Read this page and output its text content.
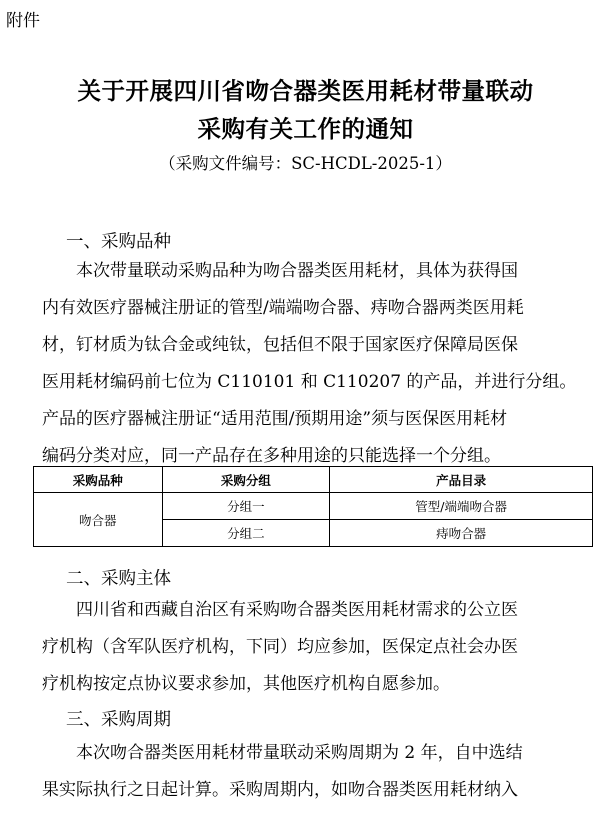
附件
关于开展四川省吻合器类医用耗材带量联动
采购有关工作的通知
（采购文件编号：SC-HCDL-2025-1）
一、采购品种
本次带量联动采购品种为吻合器类医用耗材，具体为获得国
内有效医疗器械注册证的管型/端端吻合器、痔吻合器两类医用耗
材，钉材质为钛合金或纯钛，包括但不限于国家医疗保障局医保
医用耗材编码前七位为 C110101 和 C110207 的产品，并进行分组。
产品的医疗器械注册证“适用范围/预期用途”须与医保医用耗材
编码分类对应，同一产品存在多种用途的只能选择一个分组。
采购品种	采购分组	产品目录
吻合器	分组一	管型/端端吻合器
	分组二	痔吻合器
二、采购主体
四川省和西藏自治区有采购吻合器类医用耗材需求的公立医
疗机构（含军队医疗机构，下同）均应参加，医保定点社会办医
疗机构按定点协议要求参加，其他医疗机构自愿参加。
三、采购周期
本次吻合器类医用耗材带量联动采购周期为 2 年，自中选结
果实际执行之日起计算。采购周期内，如吻合器类医用耗材纳入
